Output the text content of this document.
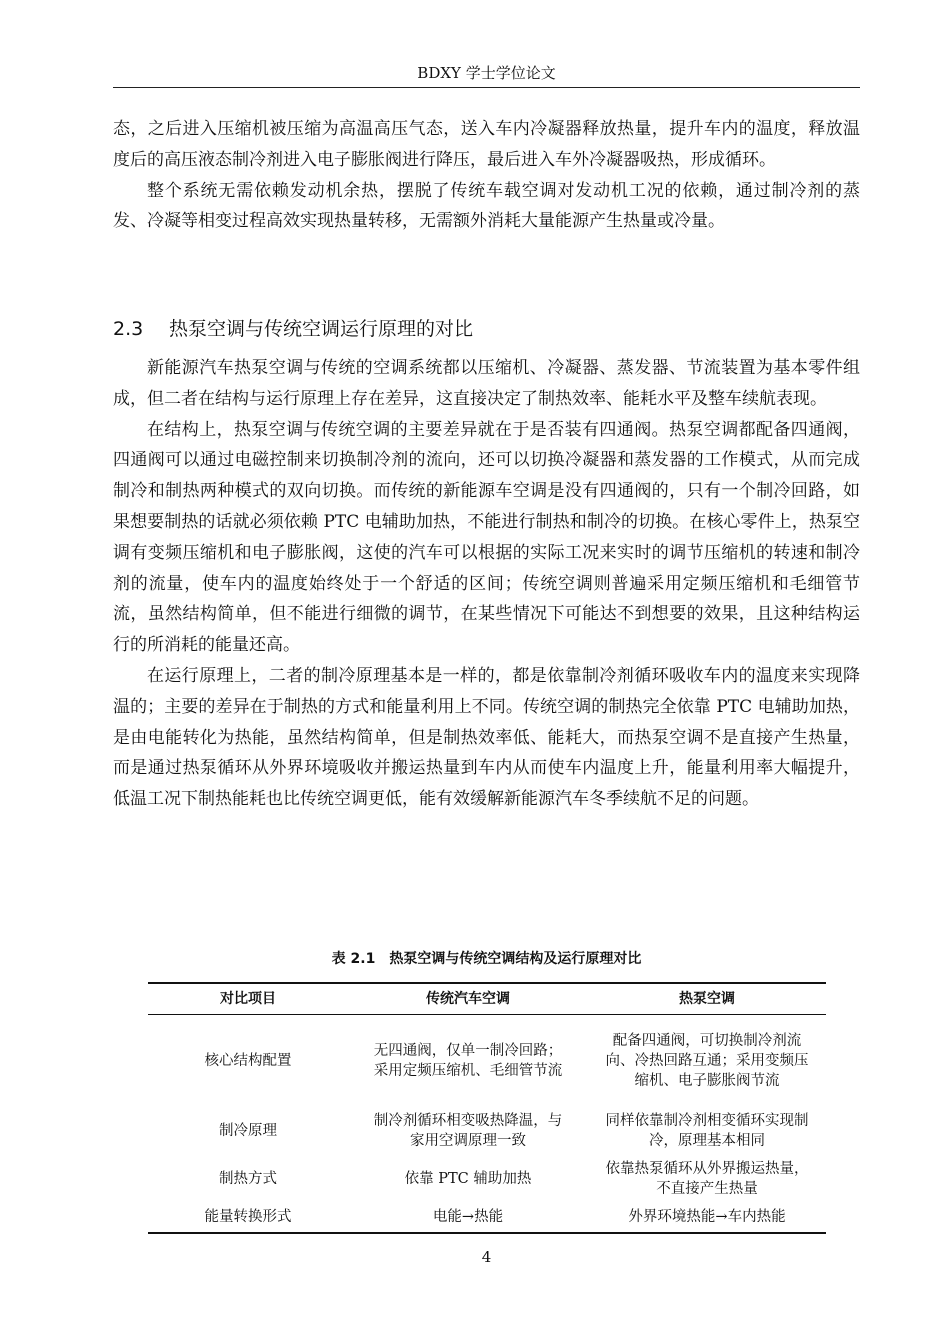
BDXY 学士学位论文

态，之后进入压缩机被压缩为高温高压气态，送入车内冷凝器释放热量，提升车内的温度，释放温度后的高压液态制冷剂进入电子膨胀阀进行降压，最后进入车外冷凝器吸热，形成循环。

整个系统无需依赖发动机余热，摆脱了传统车载空调对发动机工况的依赖，通过制冷剂的蒸发、冷凝等相变过程高效实现热量转移，无需额外消耗大量能源产生热量或冷量。

2.3 热泵空调与传统空调运行原理的对比

新能源汽车热泵空调与传统的空调系统都以压缩机、冷凝器、蒸发器、节流装置为基本零件组成，但二者在结构与运行原理上存在差异，这直接决定了制热效率、能耗水平及整车续航表现。

在结构上，热泵空调与传统空调的主要差异就在于是否装有四通阀。热泵空调都配备四通阀，四通阀可以通过电磁控制来切换制冷剂的流向，还可以切换冷凝器和蒸发器的工作模式，从而完成制冷和制热两种模式的双向切换。而传统的新能源车空调是没有四通阀的，只有一个制冷回路，如果想要制热的话就必须依赖 PTC 电辅助加热，不能进行制热和制冷的切换。在核心零件上，热泵空调有变频压缩机和电子膨胀阀，这使的汽车可以根据的实际工况来实时的调节压缩机的转速和制冷剂的流量，使车内的温度始终处于一个舒适的区间；传统空调则普遍采用定频压缩机和毛细管节流，虽然结构简单，但不能进行细微的调节，在某些情况下可能达不到想要的效果，且这种结构运行的所消耗的能量还高。

在运行原理上，二者的制冷原理基本是一样的，都是依靠制冷剂循环吸收车内的温度来实现降温的；主要的差异在于制热的方式和能量利用上不同。传统空调的制热完全依靠 PTC 电辅助加热，是由电能转化为热能，虽然结构简单，但是制热效率低、能耗大，而热泵空调不是直接产生热量，而是通过热泵循环从外界环境吸收并搬运热量到车内从而使车内温度上升，能量利用率大幅提升，低温工况下制热能耗也比传统空调更低，能有效缓解新能源汽车冬季续航不足的问题。

表 2.1　热泵空调与传统空调结构及运行原理对比
对比项目	传统汽车空调	热泵空调
核心结构配置	无四通阀，仅单一制冷回路；采用定频压缩机、毛细管节流	配备四通阀，可切换制冷剂流向、冷热回路互通；采用变频压缩机、电子膨胀阀节流
制冷原理	制冷剂循环相变吸热降温，与家用空调原理一致	同样依靠制冷剂相变循环实现制冷，原理基本相同
制热方式	依靠 PTC 辅助加热	依靠热泵循环从外界搬运热量，不直接产生热量
能量转换形式	电能→热能	外界环境热能→车内热能
4
